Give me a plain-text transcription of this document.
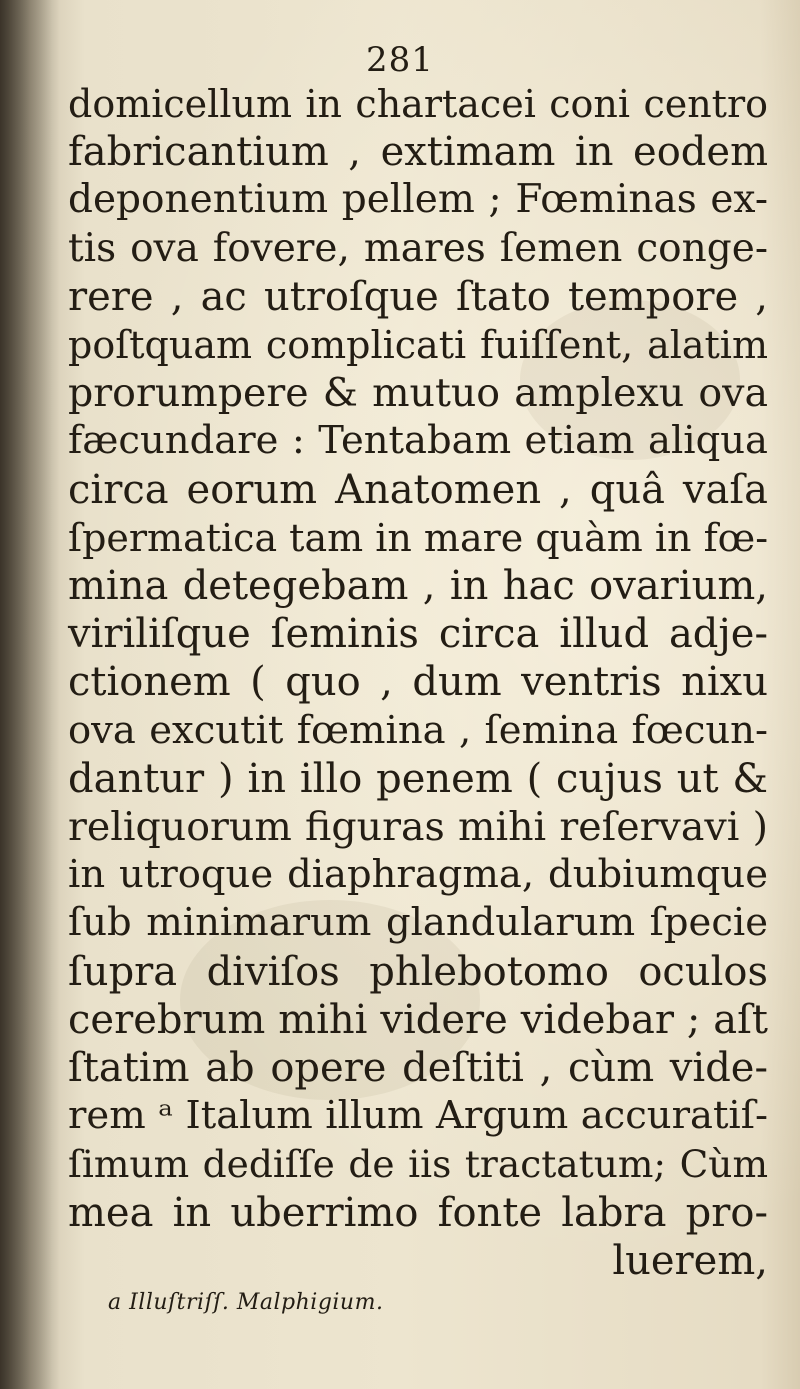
281
domicellum in chartacei coni centro
fabricantium , extimam in eodem
deponentium pellem ; Fœminas ex-
tis ova fovere, mares ſemen conge-
rere , ac utroſque ſtato tempore ,
poſtquam complicati fuiſſent, alatim
prorumpere & mutuo amplexu ova
fæcundare : Tentabam etiam aliqua
circa eorum Anatomen , quâ vaſa
ſpermatica tam in mare quàm in fœ-
mina detegebam , in hac ovarium,
viriliſque ſeminis circa illud adje-
ctionem ( quo , dum ventris nixu
ova excutit fœmina , ſemina fœcun-
dantur ) in illo penem ( cujus ut &
reliquorum figuras mihi reſervavi )
in utroque diaphragma, dubiumque
ſub minimarum glandularum ſpecie
ſupra diviſos phlebotomo oculos
cerebrum mihi videre videbar ; aſt
ſtatim ab opere deſtiti , cùm vide-
rem ᵃ Italum illum Argum accuratiſ-
ſimum dediſſe de iis tractatum; Cùm
mea in uberrimo fonte labra pro-
luerem,
a Illuſtriſſ. Malphigium.
